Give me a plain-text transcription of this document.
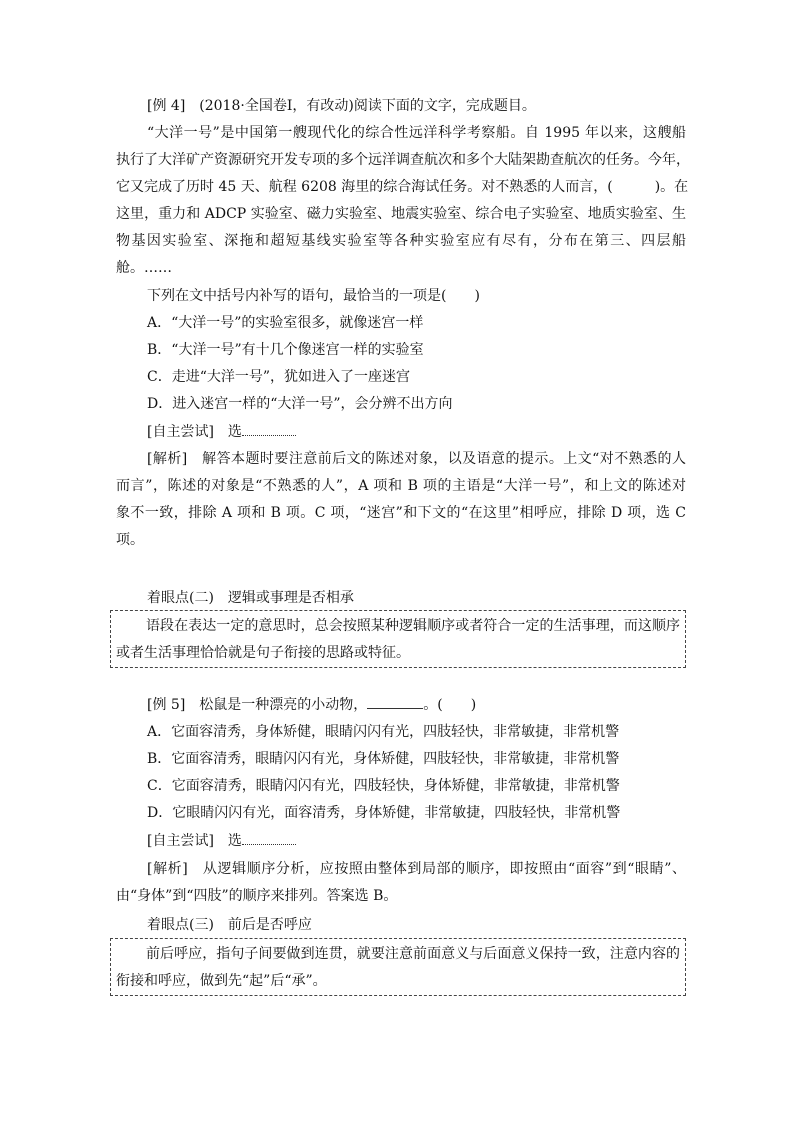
[例 4]　(2018·全国卷Ⅰ，有改动)阅读下面的文字，完成题目。
“大洋一号”是中国第一艘现代化的综合性远洋科学考察船。自 1995 年以来，这艘船
执行了大洋矿产资源研究开发专项的多个远洋调查航次和多个大陆架勘查航次的任务。今年，
它又完成了历时 45 天、航程 6208 海里的综合海试任务。对不熟悉的人而言，(　　　)。在
这里，重力和 ADCP 实验室、磁力实验室、地震实验室、综合电子实验室、地质实验室、生
物基因实验室、深拖和超短基线实验室等各种实验室应有尽有，分布在第三、四层船
舱。……
下列在文中括号内补写的语句，最恰当的一项是(　　)
A．“大洋一号”的实验室很多，就像迷宫一样
B．“大洋一号”有十几个像迷宫一样的实验室
C．走进“大洋一号”，犹如进入了一座迷宫
D．进入迷宫一样的“大洋一号”，会分辨不出方向
[自主尝试]　选
[解析]　解答本题时要注意前后文的陈述对象，以及语意的提示。上文“对不熟悉的人
而言”，陈述的对象是“不熟悉的人”，A 项和 B 项的主语是“大洋一号”，和上文的陈述对
象不一致，排除 A 项和 B 项。C 项，“迷宫”和下文的“在这里”相呼应，排除 D 项，选 C
项。
着眼点(二)　逻辑或事理是否相承
语段在表达一定的意思时，总会按照某种逻辑顺序或者符合一定的生活事理，而这顺序
或者生活事理恰恰就是句子衔接的思路或特征。
[例 5]　松鼠是一种漂亮的小动物，	。(　　)
A．它面容清秀，身体矫健，眼睛闪闪有光，四肢轻快，非常敏捷，非常机警
B．它面容清秀，眼睛闪闪有光，身体矫健，四肢轻快，非常敏捷，非常机警
C．它面容清秀，眼睛闪闪有光，四肢轻快，身体矫健，非常敏捷，非常机警
D．它眼睛闪闪有光，面容清秀，身体矫健，非常敏捷，四肢轻快，非常机警
[自主尝试]　选
[解析]　从逻辑顺序分析，应按照由整体到局部的顺序，即按照由“面容”到“眼睛”、
由“身体”到“四肢”的顺序来排列。答案选 B。
着眼点(三)　前后是否呼应
前后呼应，指句子间要做到连贯，就要注意前面意义与后面意义保持一致，注意内容的
衔接和呼应，做到先“起”后“承”。
